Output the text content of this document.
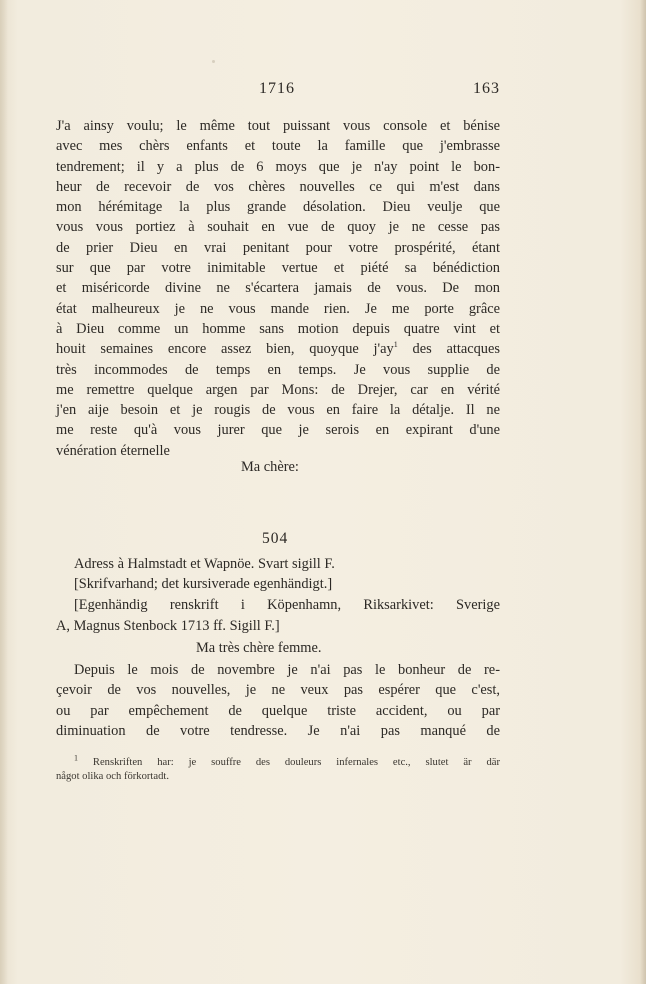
1716	163
J'a ainsy voulu; le même tout puissant vous console et bénise
avec mes chèrs enfants et toute la famille que j'embrasse
tendrement; il y a plus de 6 moys que je n'ay point le bon-
heur de recevoir de vos chères nouvelles ce qui m'est dans
mon hérémitage la plus grande désolation. Dieu veulje que
vous vous portiez à souhait en vue de quoy je ne cesse pas
de prier Dieu en vrai penitant pour votre prospérité, étant
sur que par votre inimitable vertue et piété sa bénédiction
et miséricorde divine ne s'écartera jamais de vous. De mon
état malheureux je ne vous mande rien. Je me porte grâce
à Dieu comme un homme sans motion depuis quatre vint et
houit semaines encore assez bien, quoyque $j'ay^1$ des attacques
très incommodes de temps en temps. Je vous supplie de
me remettre quelque argen par Mons: de Drejer, car en vérité
j'en aije besoin et je rougis de vous en faire la détalje. Il ne
me reste qu'à vous jurer que je serois en expirant d'une
vénération éternelle
Ma chère:
504
Adress à Halmstadt et Wapnöe. Svart sigill F.
[Skrifvarhand; det kursiverade egenhändigt.]
[Egenhändig renskrift i Köpenhamn, Riksarkivet: Sverige
A, Magnus Stenbock 1713 ff. Sigill F.]
Ma très chère femme.
Depuis le mois de novembre je n'ai pas le bonheur de re-
çevoir de vos nouvelles, je ne veux pas espérer que c'est,
ou par empêchement de quelque triste accident, ou par
diminuation de votre tendresse. Je n'ai pas manqué de
$^1$ Renskriften har: je souffre des douleurs infernales etc., slutet är där
något olika och förkortadt.
